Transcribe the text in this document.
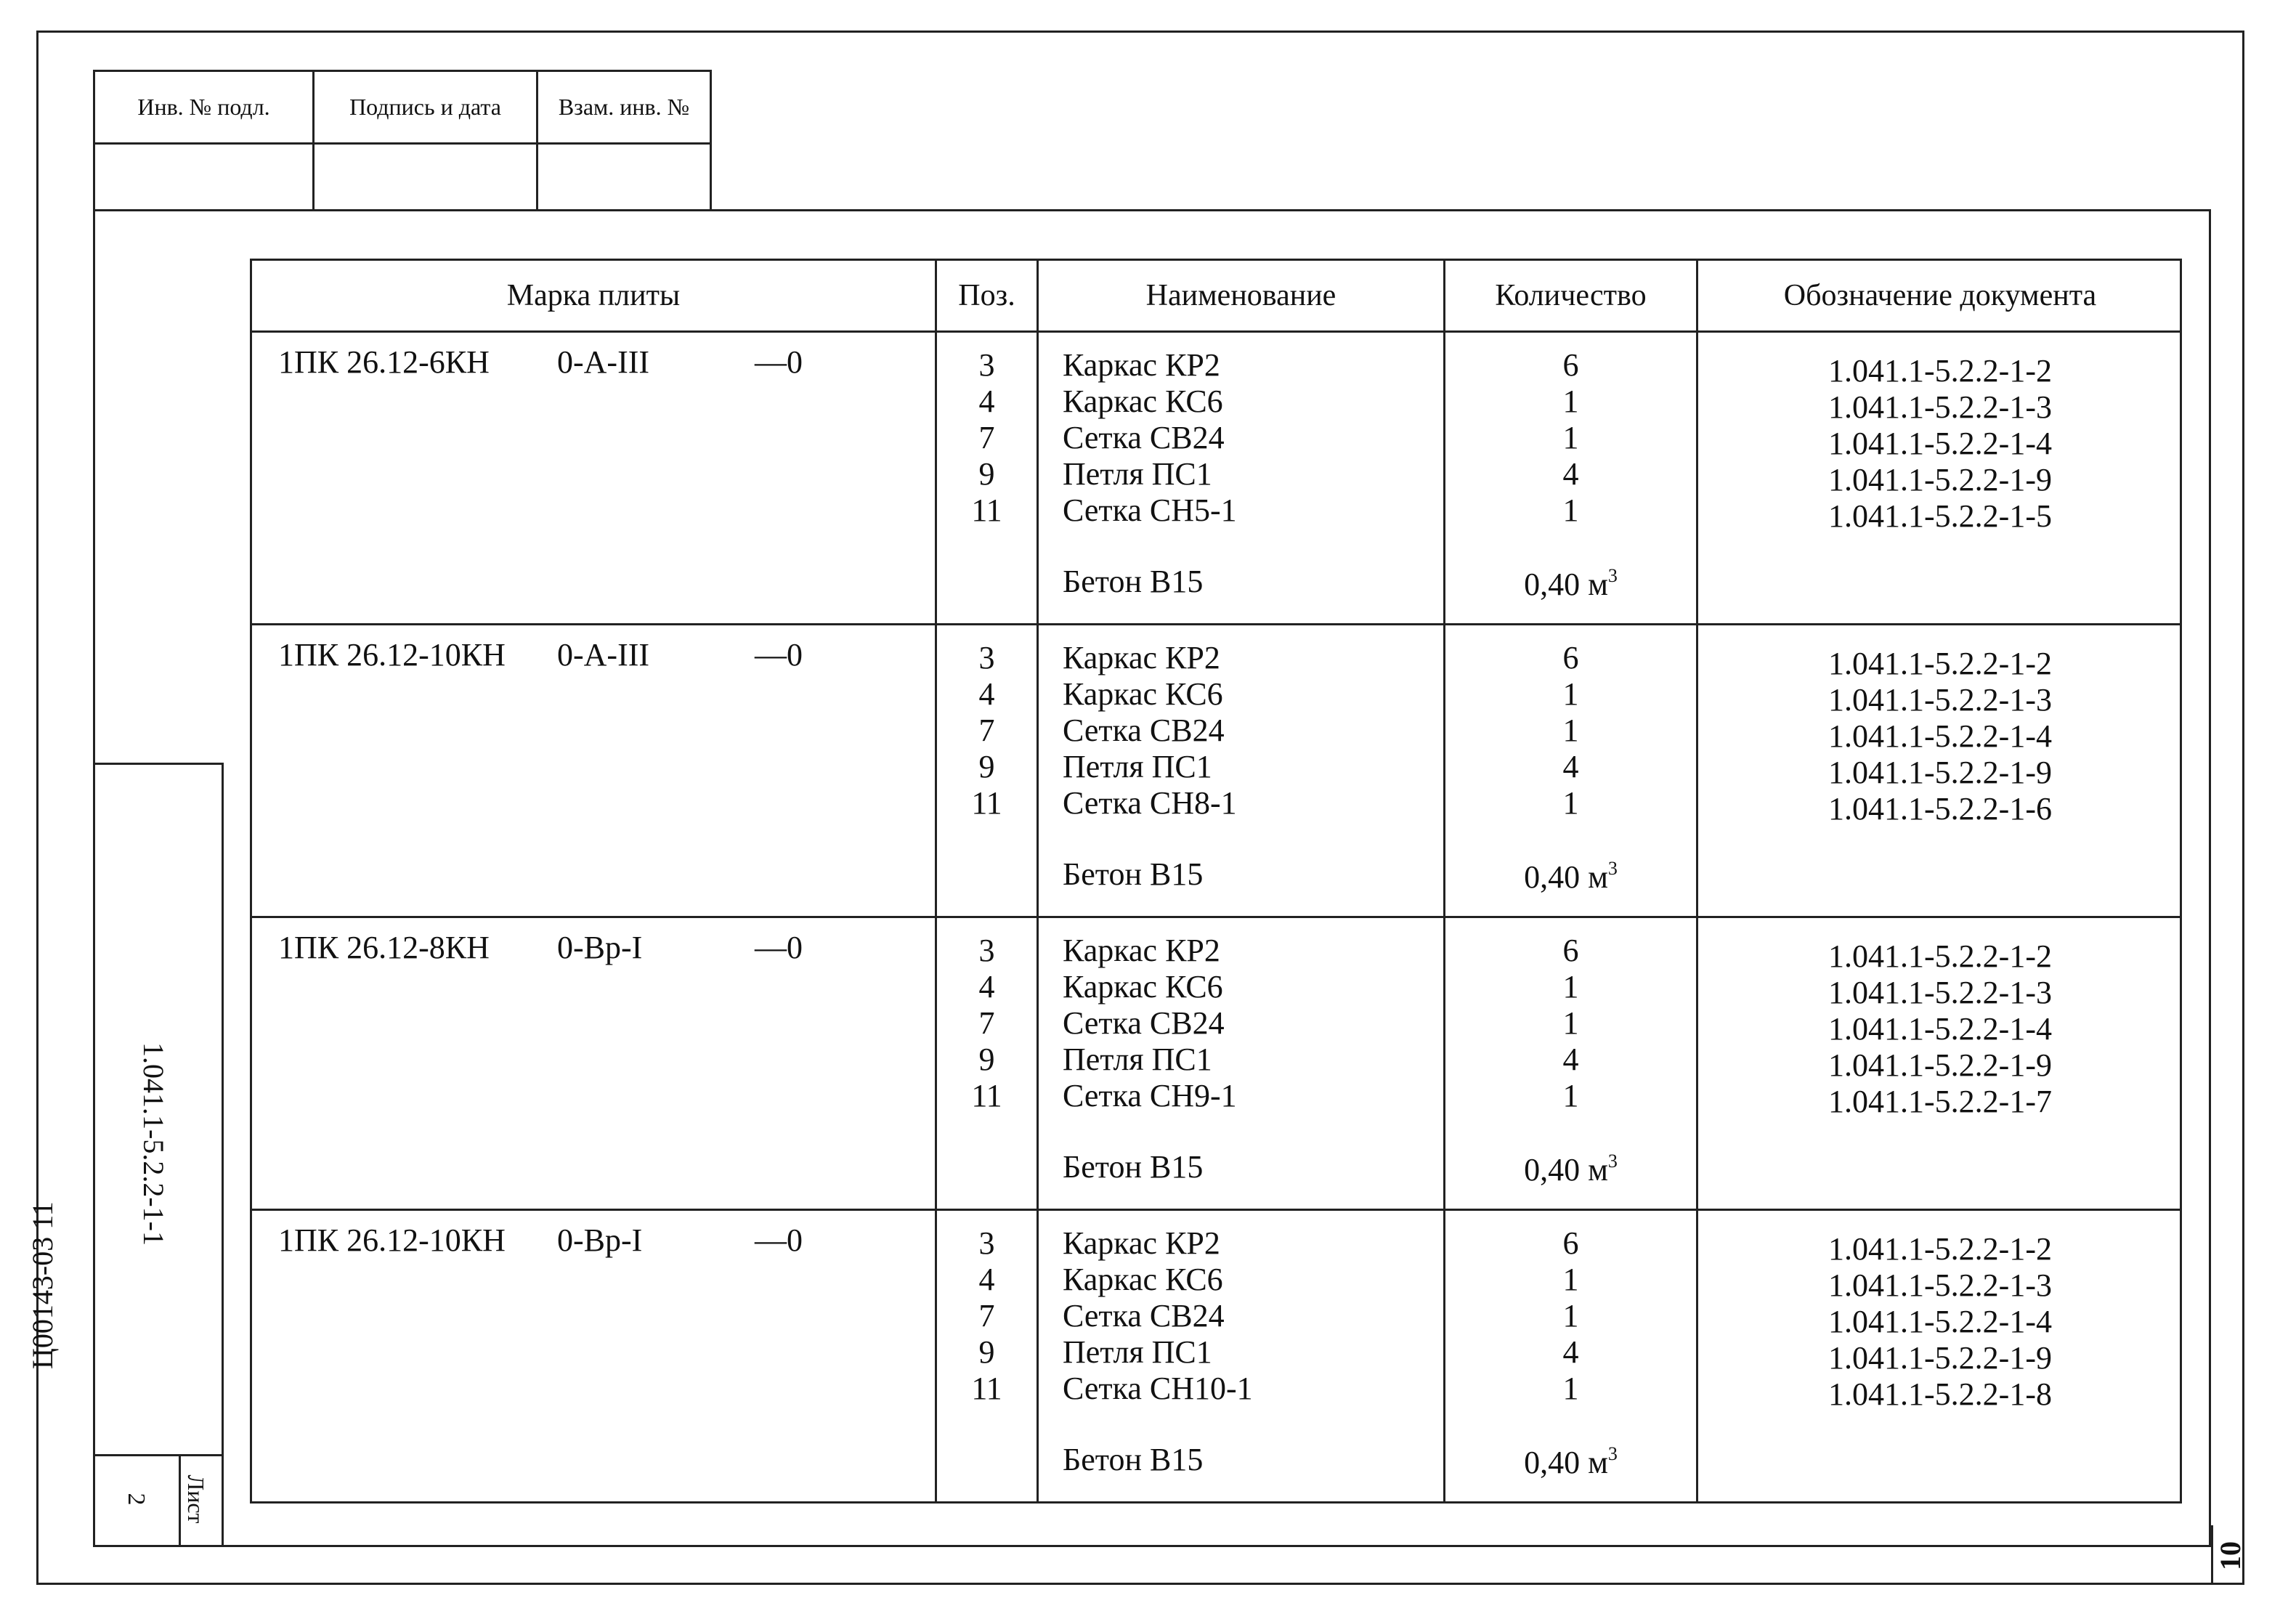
Инв. № подл.	Подпись и дата	Взам. инв. №
1.041.1-5.2.2-1-1
Ц00143-03 11
Лист
2
10
Марка плиты	Поз.	Наименование	Количество	Обозначение документа
1ПК 26.12-6КН 0-А-III	—0	3	Каркас КР2	6	1.041.1-5.2.2-1-2
4	Каркас КС6	1	1.041.1-5.2.2-1-3
7	Сетка СВ24	1	1.041.1-5.2.2-1-4
9	Петля ПС1	4	1.041.1-5.2.2-1-9
11	Сетка СН5-1	1	1.041.1-5.2.2-1-5
Бетон В15	0,40 $м^3$
1ПК 26.12-10КН 0-А-III	—0	3	Каркас КР2	6	1.041.1-5.2.2-1-2
4	Каркас КС6	1	1.041.1-5.2.2-1-3
7	Сетка СВ24	1	1.041.1-5.2.2-1-4
9	Петля ПС1	4	1.041.1-5.2.2-1-9
11	Сетка СН8-1	1	1.041.1-5.2.2-1-6
Бетон В15	0,40 $м^3$
1ПК 26.12-8КН 0-Вр-I	—0	3	Каркас КР2	6	1.041.1-5.2.2-1-2
4	Каркас КС6	1	1.041.1-5.2.2-1-3
7	Сетка СВ24	1	1.041.1-5.2.2-1-4
9	Петля ПС1	4	1.041.1-5.2.2-1-9
11	Сетка СН9-1	1	1.041.1-5.2.2-1-7
Бетон В15	0,40 $м^3$
1ПК 26.12-10КН 0-Вр-I	—0	3	Каркас КР2	6	1.041.1-5.2.2-1-2
4	Каркас КС6	1	1.041.1-5.2.2-1-3
7	Сетка СВ24	1	1.041.1-5.2.2-1-4
9	Петля ПС1	4	1.041.1-5.2.2-1-9
11	Сетка СН10-1	1	1.041.1-5.2.2-1-8
Бетон В15	0,40 $м^3$
